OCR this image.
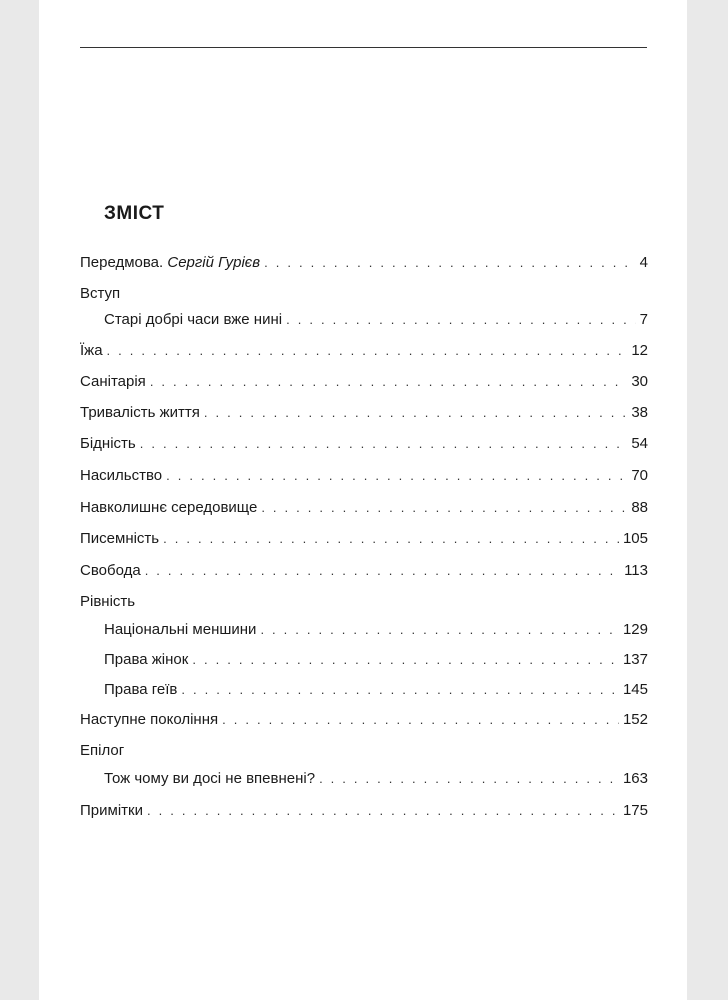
ЗМІСТ
Передмова. Сергій Гурієв . . .	4
Вступ
Старі добрі часи вже нині . . .	7
Їжа . . .	12
Санітарія . . .	30
Тривалість життя . . .	38
Бідність . . .	54
Насильство . . .	70
Навколишнє середовище . . .	88
Писемність . . .	105
Свобода . . .	113
Рівність
Національні меншини . . .	129
Права жінок . . .	137
Права геїв . . .	145
Наступне покоління . . .	152
Епілог
Тож чому ви досі не впевнені? . . .	163
Примітки . . .	175
